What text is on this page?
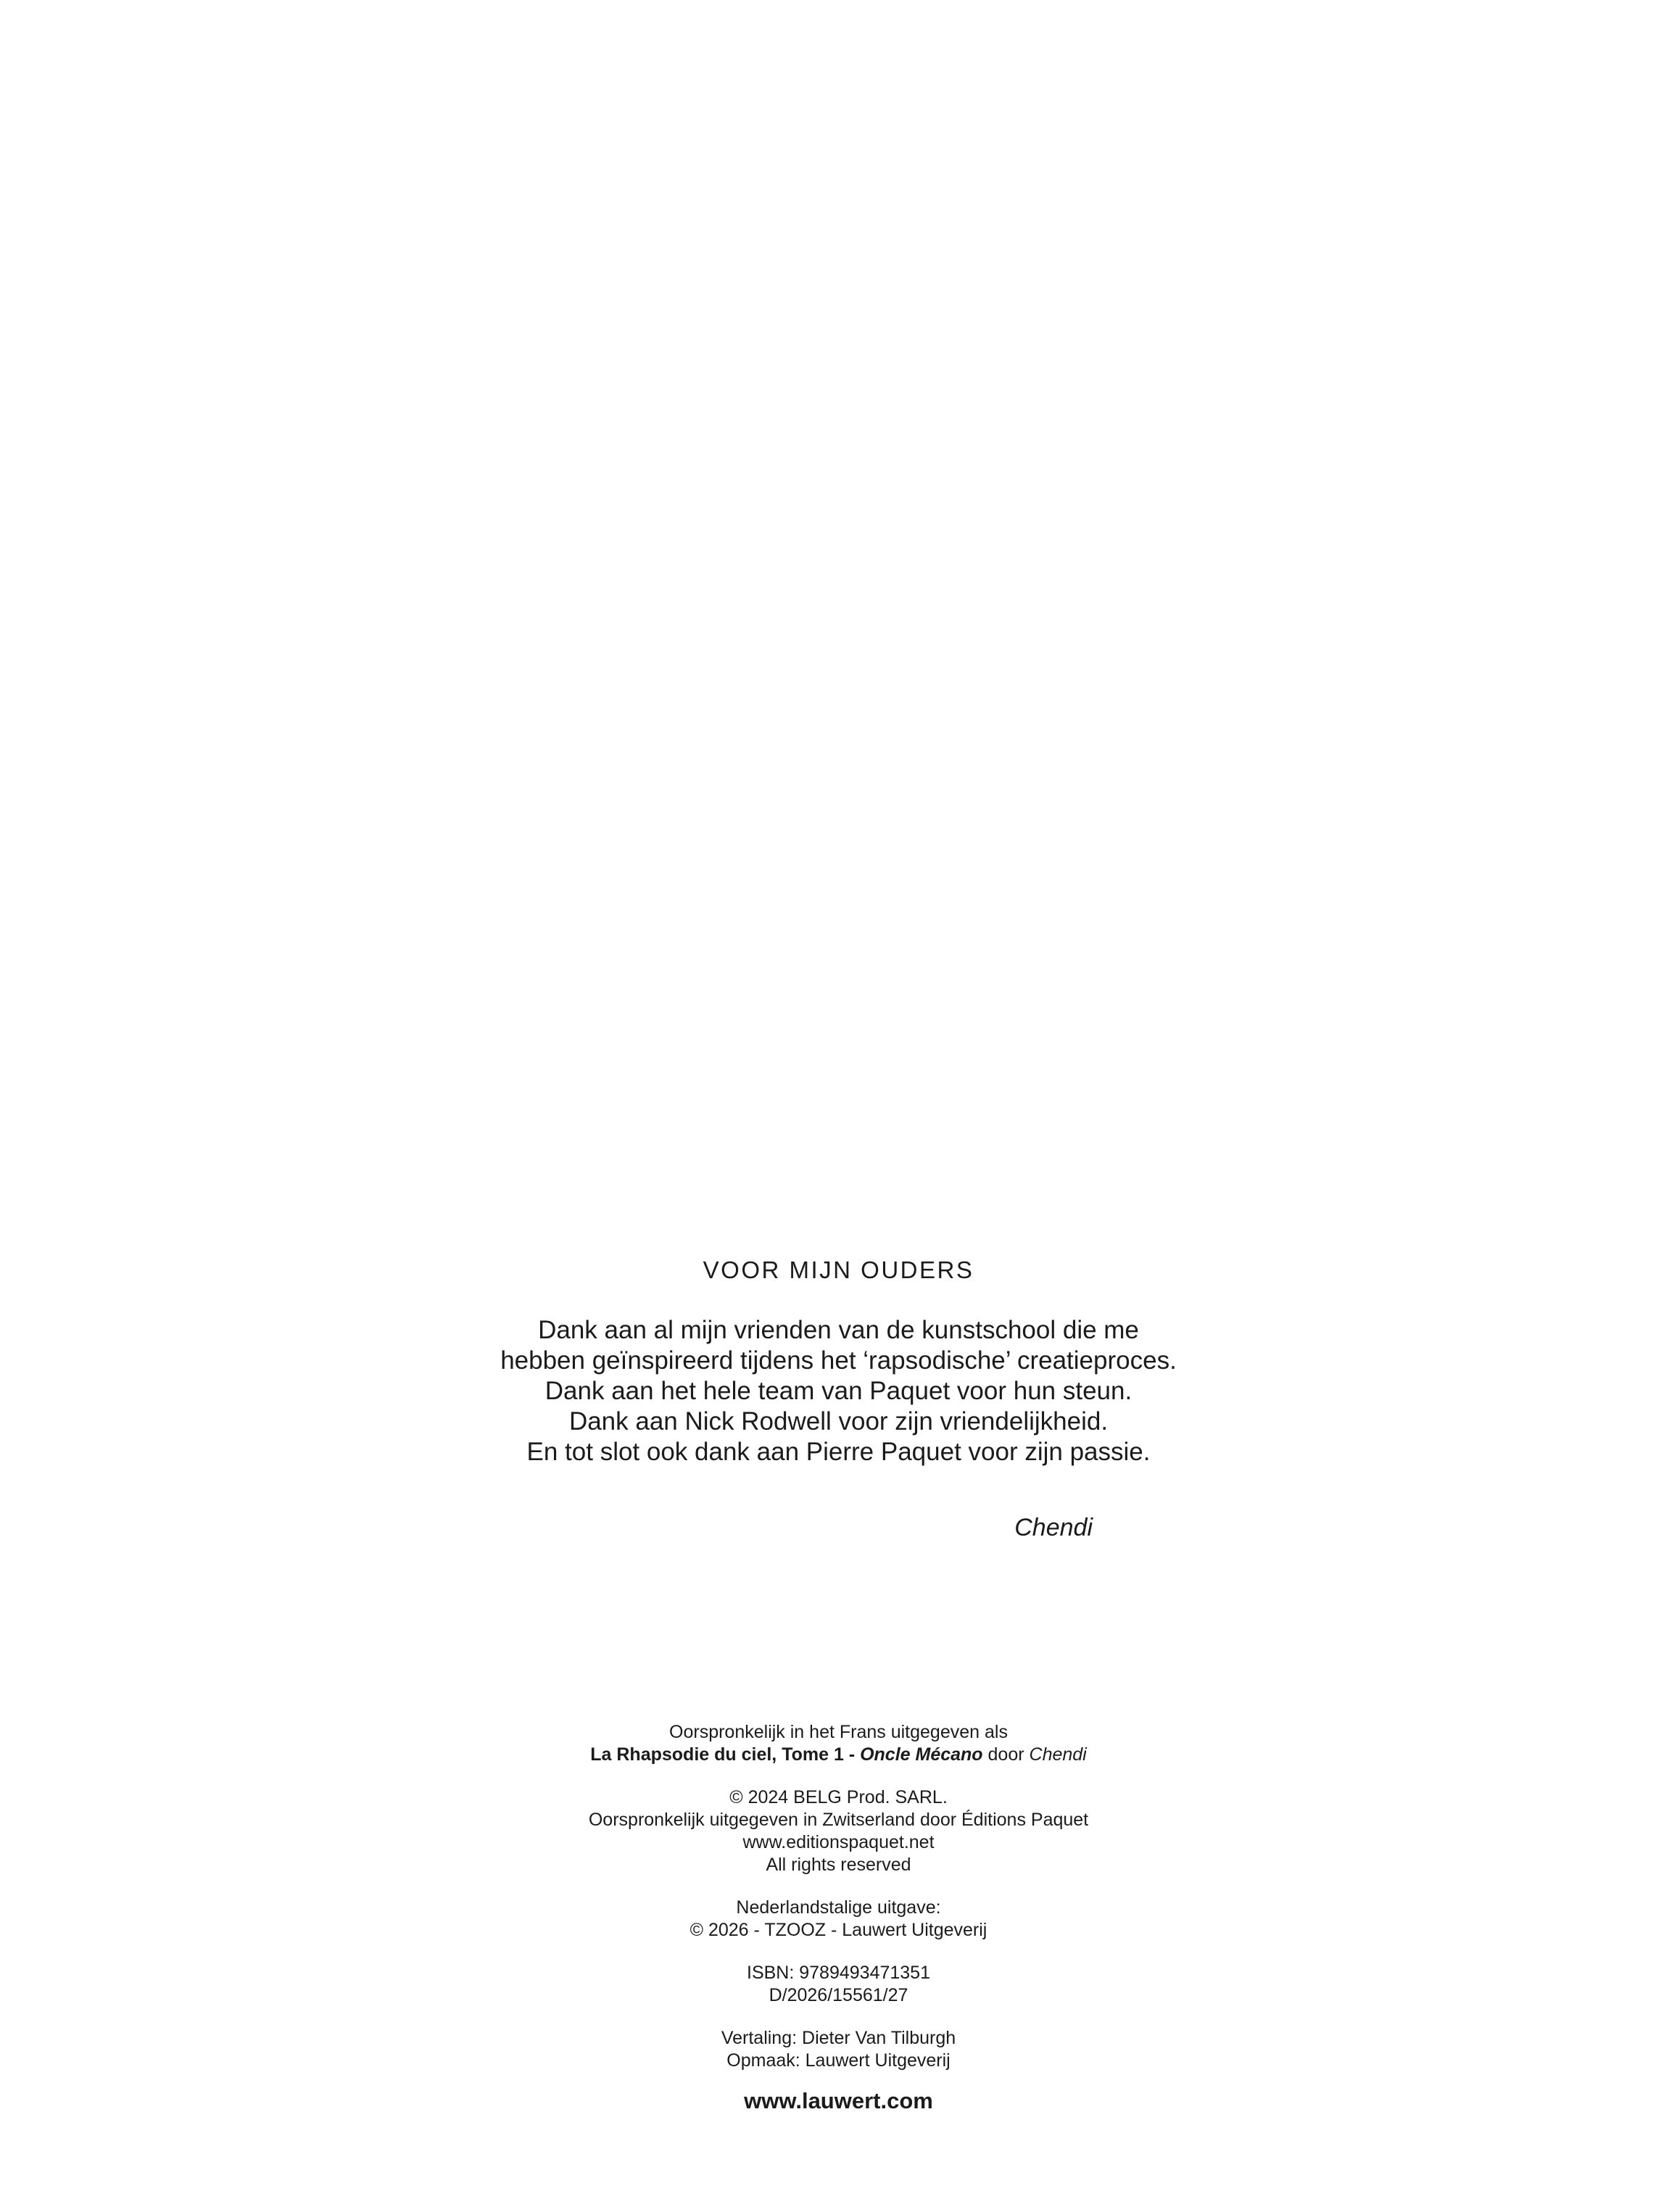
VOOR MIJN OUDERS

Dank aan al mijn vrienden van de kunstschool die me

hebben geïnspireerd tijdens het ‘rapsodische’ creatieproces.

Dank aan het hele team van Paquet voor hun steun.

Dank aan Nick Rodwell voor zijn vriendelijkheid.

En tot slot ook dank aan Pierre Paquet voor zijn passie.

Chendi

Oorspronkelijk in het Frans uitgegeven als

La Rhapsodie du ciel, Tome 1 - Oncle Mécano door Chendi

© 2024 BELG Prod. SARL.

Oorspronkelijk uitgegeven in Zwitserland door Éditions Paquet

www.editionspaquet.net

All rights reserved

Nederlandstalige uitgave:

© 2026 - TZOOZ - Lauwert Uitgeverij

ISBN: 9789493471351

D/2026/15561/27

Vertaling: Dieter Van Tilburgh

Opmaak: Lauwert Uitgeverij

www.lauwert.com
